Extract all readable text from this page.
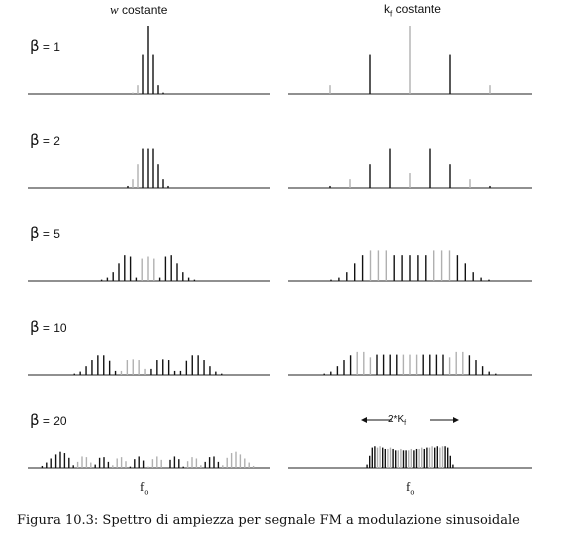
w costante	$k_f$ costante
β = 1
β = 2
β = 5
β = 10
β = 20	$2*K_f$
$f_o$	$f_o$
Figura 10.3: Spettro di ampiezza per segnale FM a modulazione sinusoidale
